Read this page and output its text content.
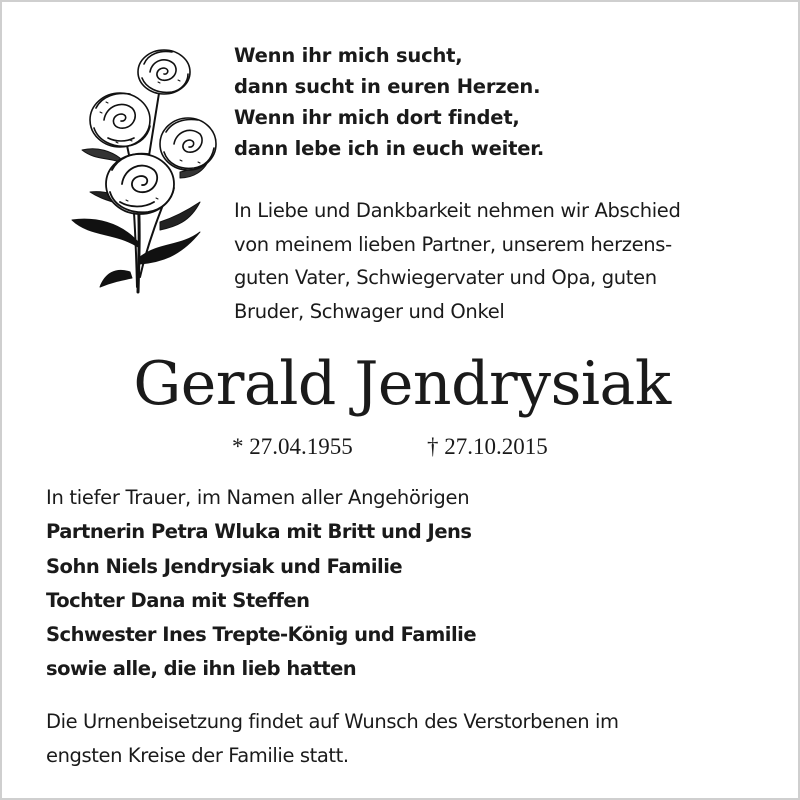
Wenn ihr mich sucht,
dann sucht in euren Herzen.
Wenn ihr mich dort findet,
dann lebe ich in euch weiter.
In Liebe und Dankbarkeit nehmen wir Abschied
von meinem lieben Partner, unserem herzens-
guten Vater, Schwiegervater und Opa, guten
Bruder, Schwager und Onkel
Gerald Jendrysiak
* 27.04.1955	† 27.10.2015
In tiefer Trauer, im Namen aller Angehörigen
Partnerin Petra Wluka mit Britt und Jens
Sohn Niels Jendrysiak und Familie
Tochter Dana mit Steffen
Schwester Ines Trepte-König und Familie
sowie alle, die ihn lieb hatten
Die Urnenbeisetzung findet auf Wunsch des Verstorbenen im
engsten Kreise der Familie statt.
